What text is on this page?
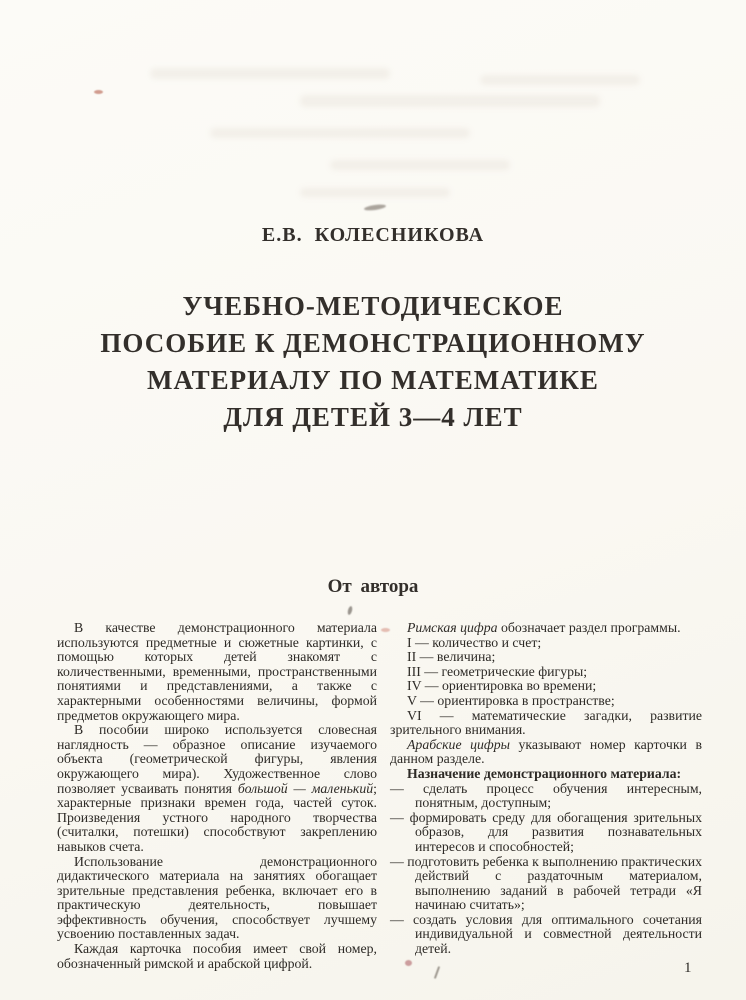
Е.В. КОЛЕСНИКОВА
УЧЕБНО-МЕТОДИЧЕСКОЕ
ПОСОБИЕ К ДЕМОНСТРАЦИОННОМУ
МАТЕРИАЛУ ПО МАТЕМАТИКЕ
ДЛЯ ДЕТЕЙ 3—4 ЛЕТ
От автора

В качестве демонстрационного материала используются предметные и сюжетные картинки, с помощью которых детей знакомят с количественными, временны́ми, пространственными понятиями и представлениями, а также с характерными особенностями величины, формой предметов окружающего мира.

В пособии широко используется словесная наглядность — образное описание изучаемого объекта (геометрической фигуры, явления окружающего мира). Художественное слово позволяет усваивать понятия большой — маленький; характерные признаки времен года, частей суток. Произведения устного народного творчества (считалки, потешки) способствуют закреплению навыков счета.

Использование демонстрационного дидактического материала на занятиях обогащает зрительные представления ребенка, включает его в практическую деятельность, повышает эффективность обучения, способствует лучшему усвоению поставленных задач.

Каждая карточка пособия имеет свой номер, обозначенный римской и арабской цифрой.

Римская цифра обозначает раздел программы.

I — количество и счет;

II — величина;

III — геометрические фигуры;

IV — ориентировка во времени;

V — ориентировка в пространстве;

VI — математические загадки, развитие зрительного внимания.

Арабские цифры указывают номер карточки в данном разделе.

Назначение демонстрационного материала:

— сделать процесс обучения интересным, понятным, доступным;

— формировать среду для обогащения зрительных образов, для развития познавательных интересов и способностей;

— подготовить ребенка к выполнению практических действий с раздаточным материалом, выполнению заданий в рабочей тетради «Я начинаю считать»;

— создать условия для оптимального сочетания индивидуальной и совместной деятельности детей.

1
